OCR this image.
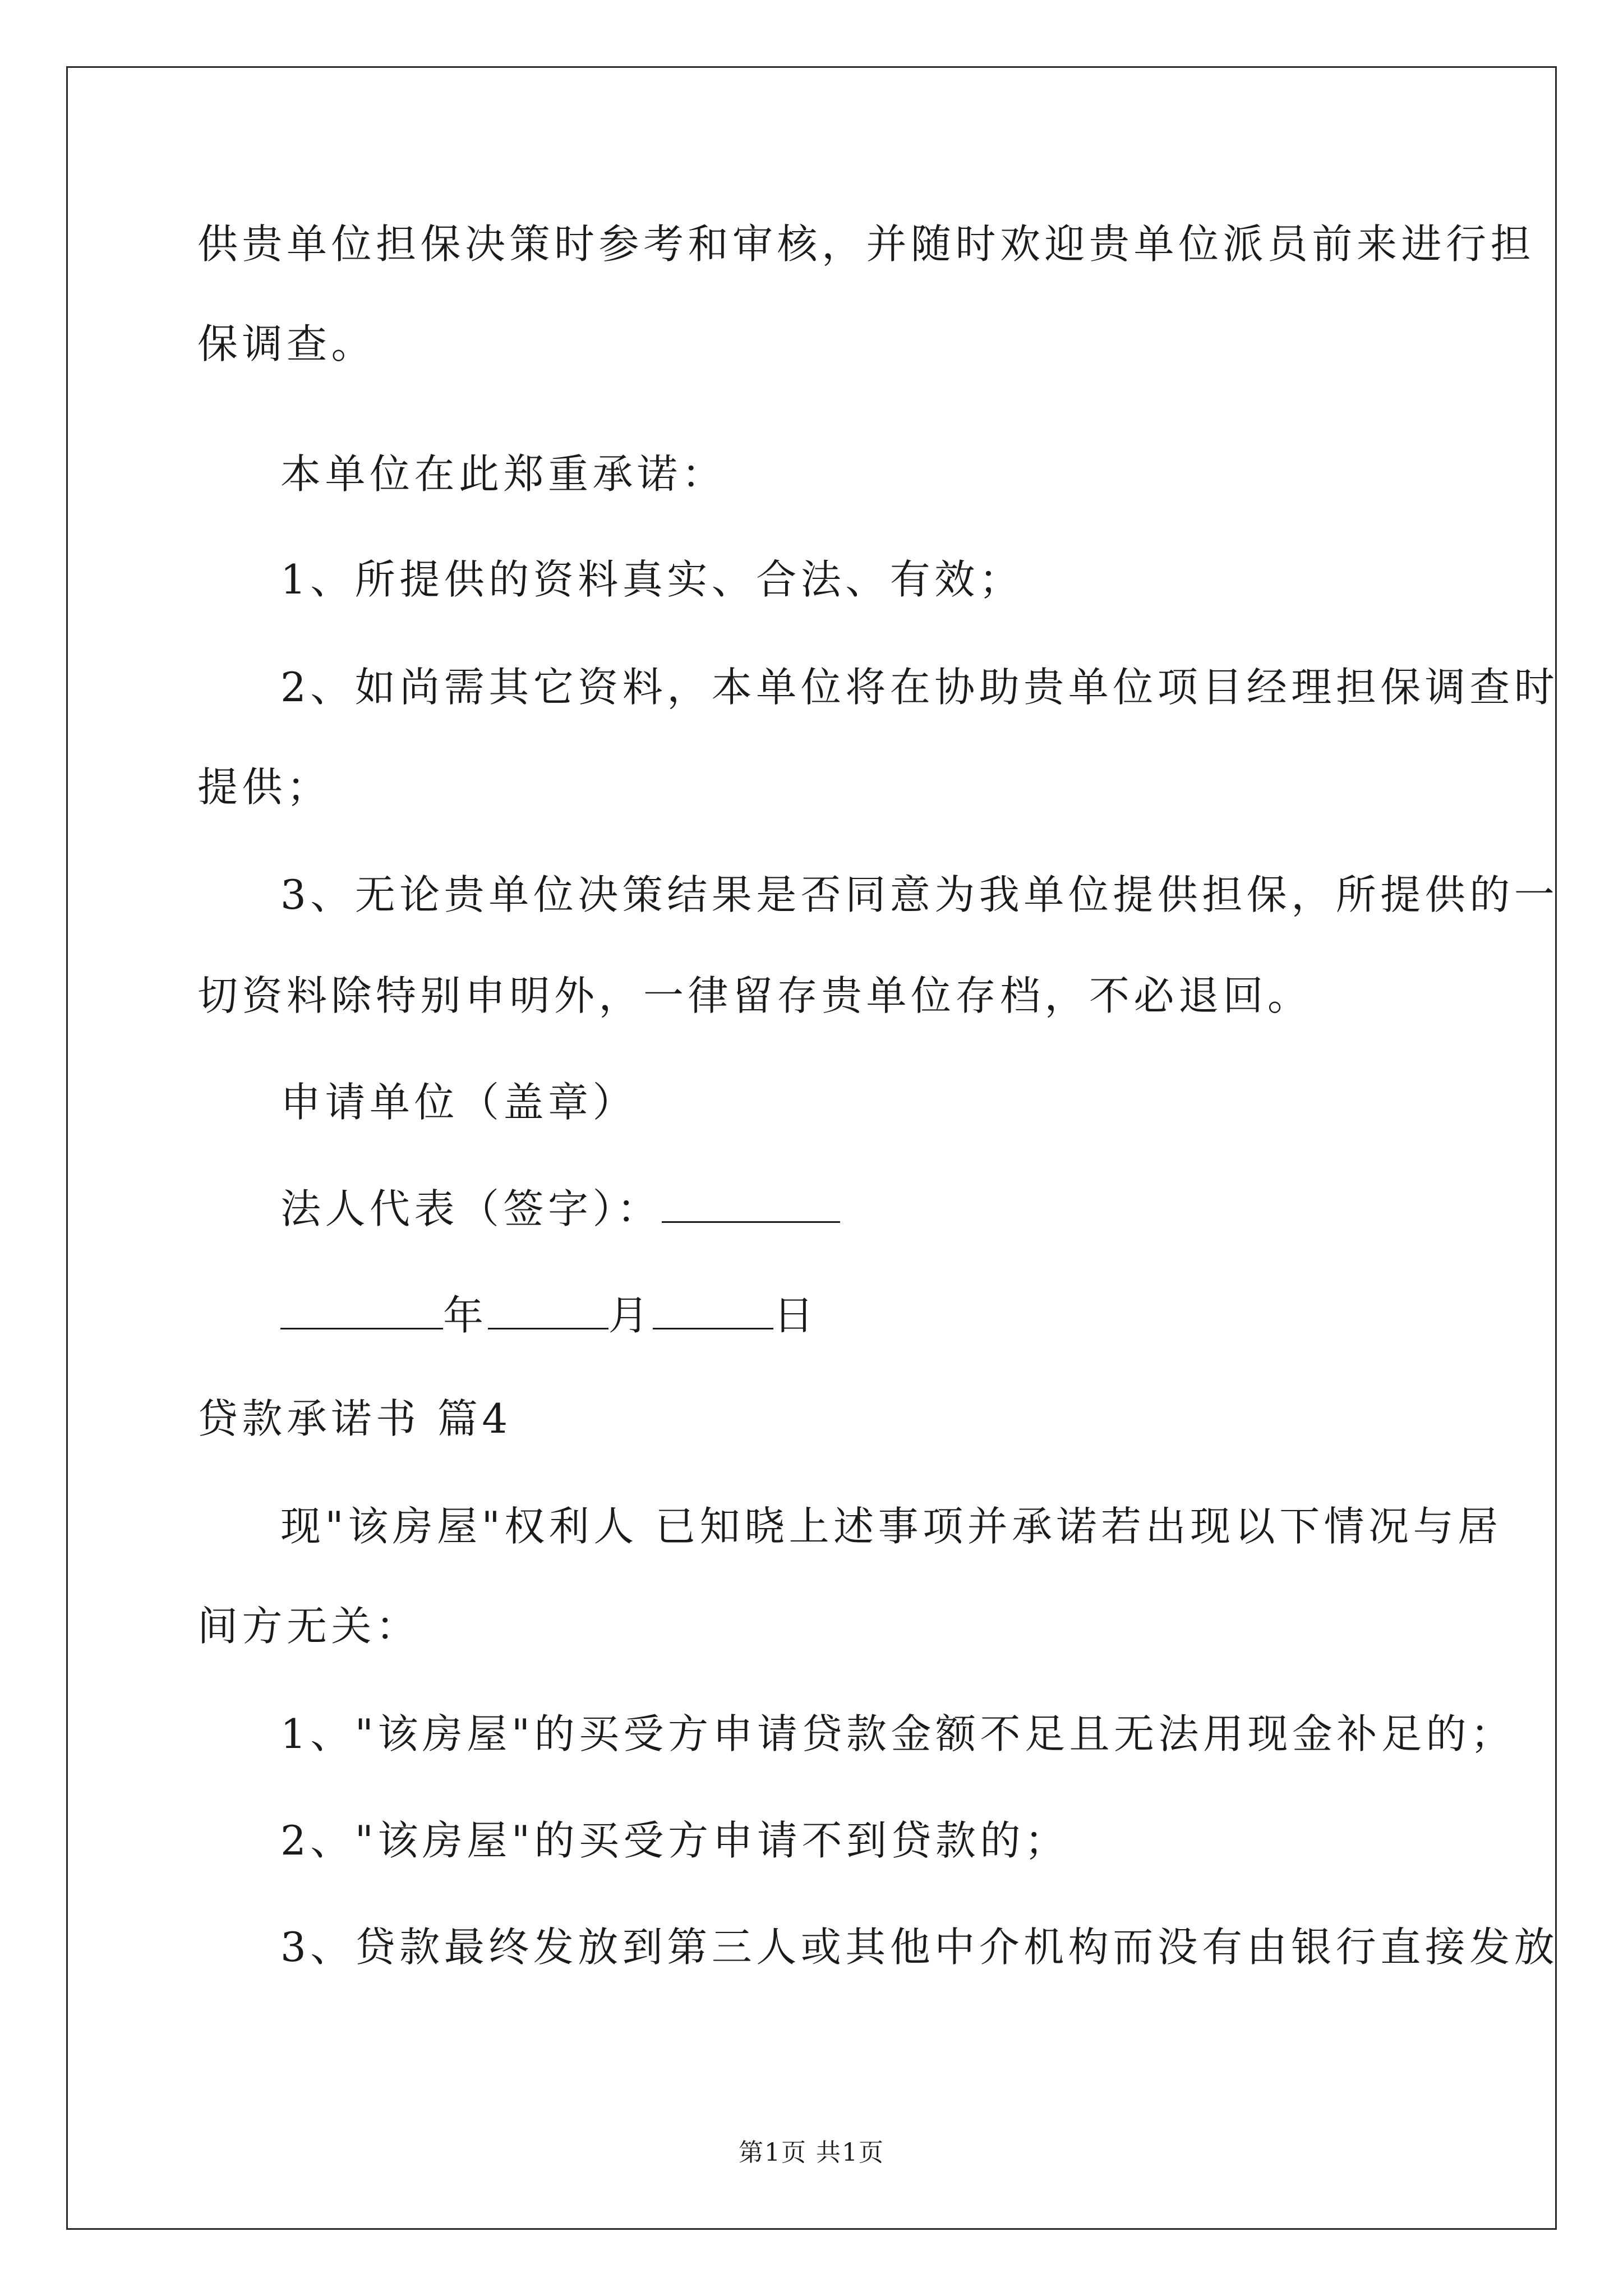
供贵单位担保决策时参考和审核，并随时欢迎贵单位派员前来进行担
保调查。
本单位在此郑重承诺：
1、所提供的资料真实、合法、有效；
2、如尚需其它资料，本单位将在协助贵单位项目经理担保调查时
提供；
3、无论贵单位决策结果是否同意为我单位提供担保，所提供的一
切资料除特别申明外，一律留存贵单位存档，不必退回。
申请单位（盖章）
法人代表（签字）：
年	月	日
贷款承诺书 篇4
现"该房屋"权利人 已知晓上述事项并承诺若出现以下情况与居
间方无关：
1、"该房屋"的买受方申请贷款金额不足且无法用现金补足的；
2、"该房屋"的买受方申请不到贷款的；
3、贷款最终发放到第三人或其他中介机构而没有由银行直接发放
第1页 共1页
